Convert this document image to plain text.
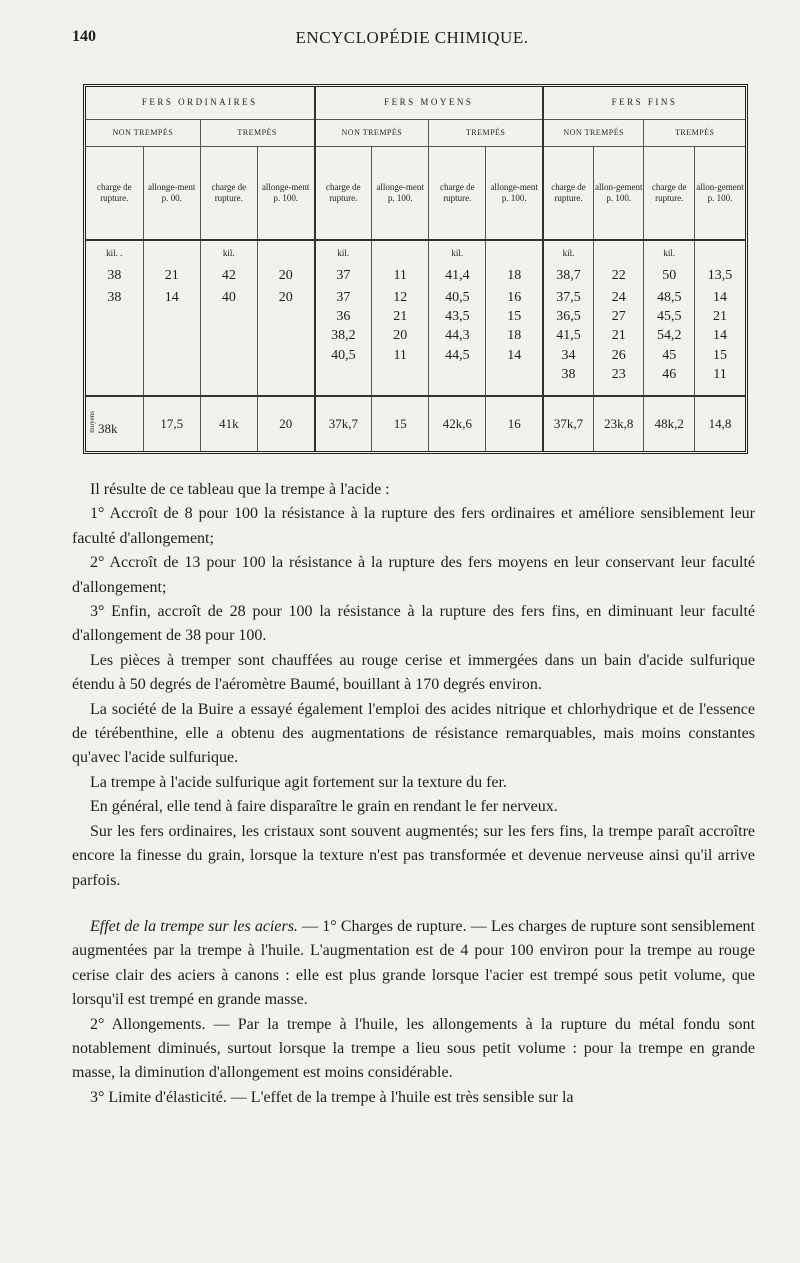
140	ENCYCLOPÉDIE CHIMIQUE.
FERS ORDINAIRES				FERS MOYENS				FERS FINS			
NON TREMPÉS		TREMPÉS		NON TREMPÉS		TREMPÉS		NON TREMPÉS		TREMPÉS	
charge de rupture.	allonge-ment p. 00.	charge de rupture.	allonge-ment p. 100.	charge de rupture.	allonge-ment p. 100.	charge de rupture.	allonge-ment p. 100.	charge de rupture.	allon-gement p. 100.	charge de rupture.	allon-gement p. 100.
kil. .		kil.		kil.		kil.		kil.		kil.	
38	21	42	20	37	11	41,4	18	38,7	22	50	13,5
38	14	40	20	37	12	40,5	16	37,5	24	48,5	14
				36	21	43,5	15	36,5	27	45,5	21
				38,2	20	44,3	18	41,5	21	54,2	14
				40,5	11	44,5	14	34	26	45	15
								38	23	46	11

moyens 38k	17,5	41k	20	37k,7	15	42k,6	16	37k,7	23k,8	48k,2	14,8

Il résulte de ce tableau que la trempe à l'acide :

1° Accroît de 8 pour 100 la résistance à la rupture des fers ordinaires et améliore sensiblement leur faculté d'allongement;

2° Accroît de 13 pour 100 la résistance à la rupture des fers moyens en leur conservant leur faculté d'allongement;

3° Enfin, accroît de 28 pour 100 la résistance à la rupture des fers fins, en diminuant leur faculté d'allongement de 38 pour 100.

Les pièces à tremper sont chauffées au rouge cerise et immergées dans un bain d'acide sulfurique étendu à 50 degrés de l'aéromètre Baumé, bouillant à 170 degrés environ.

La société de la Buire a essayé également l'emploi des acides nitrique et chlorhydrique et de l'essence de térébenthine, elle a obtenu des augmentations de résistance remarquables, mais moins constantes qu'avec l'acide sulfurique.

La trempe à l'acide sulfurique agit fortement sur la texture du fer.

En général, elle tend à faire disparaître le grain en rendant le fer nerveux.

Sur les fers ordinaires, les cristaux sont souvent augmentés; sur les fers fins, la trempe paraît accroître encore la finesse du grain, lorsque la texture n'est pas transformée et devenue nerveuse ainsi qu'il arrive parfois.

Effet de la trempe sur les aciers. — 1° Charges de rupture. — Les charges de rupture sont sensiblement augmentées par la trempe à l'huile. L'augmentation est de 4 pour 100 environ pour la trempe au rouge cerise clair des aciers à canons : elle est plus grande lorsque l'acier est trempé sous petit volume, que lorsqu'il est trempé en grande masse.

2° Allongements. — Par la trempe à l'huile, les allongements à la rupture du métal fondu sont notablement diminués, surtout lorsque la trempe a lieu sous petit volume : pour la trempe en grande masse, la diminution d'allongement est moins considérable.

3° Limite d'élasticité. — L'effet de la trempe à l'huile est très sensible sur la
